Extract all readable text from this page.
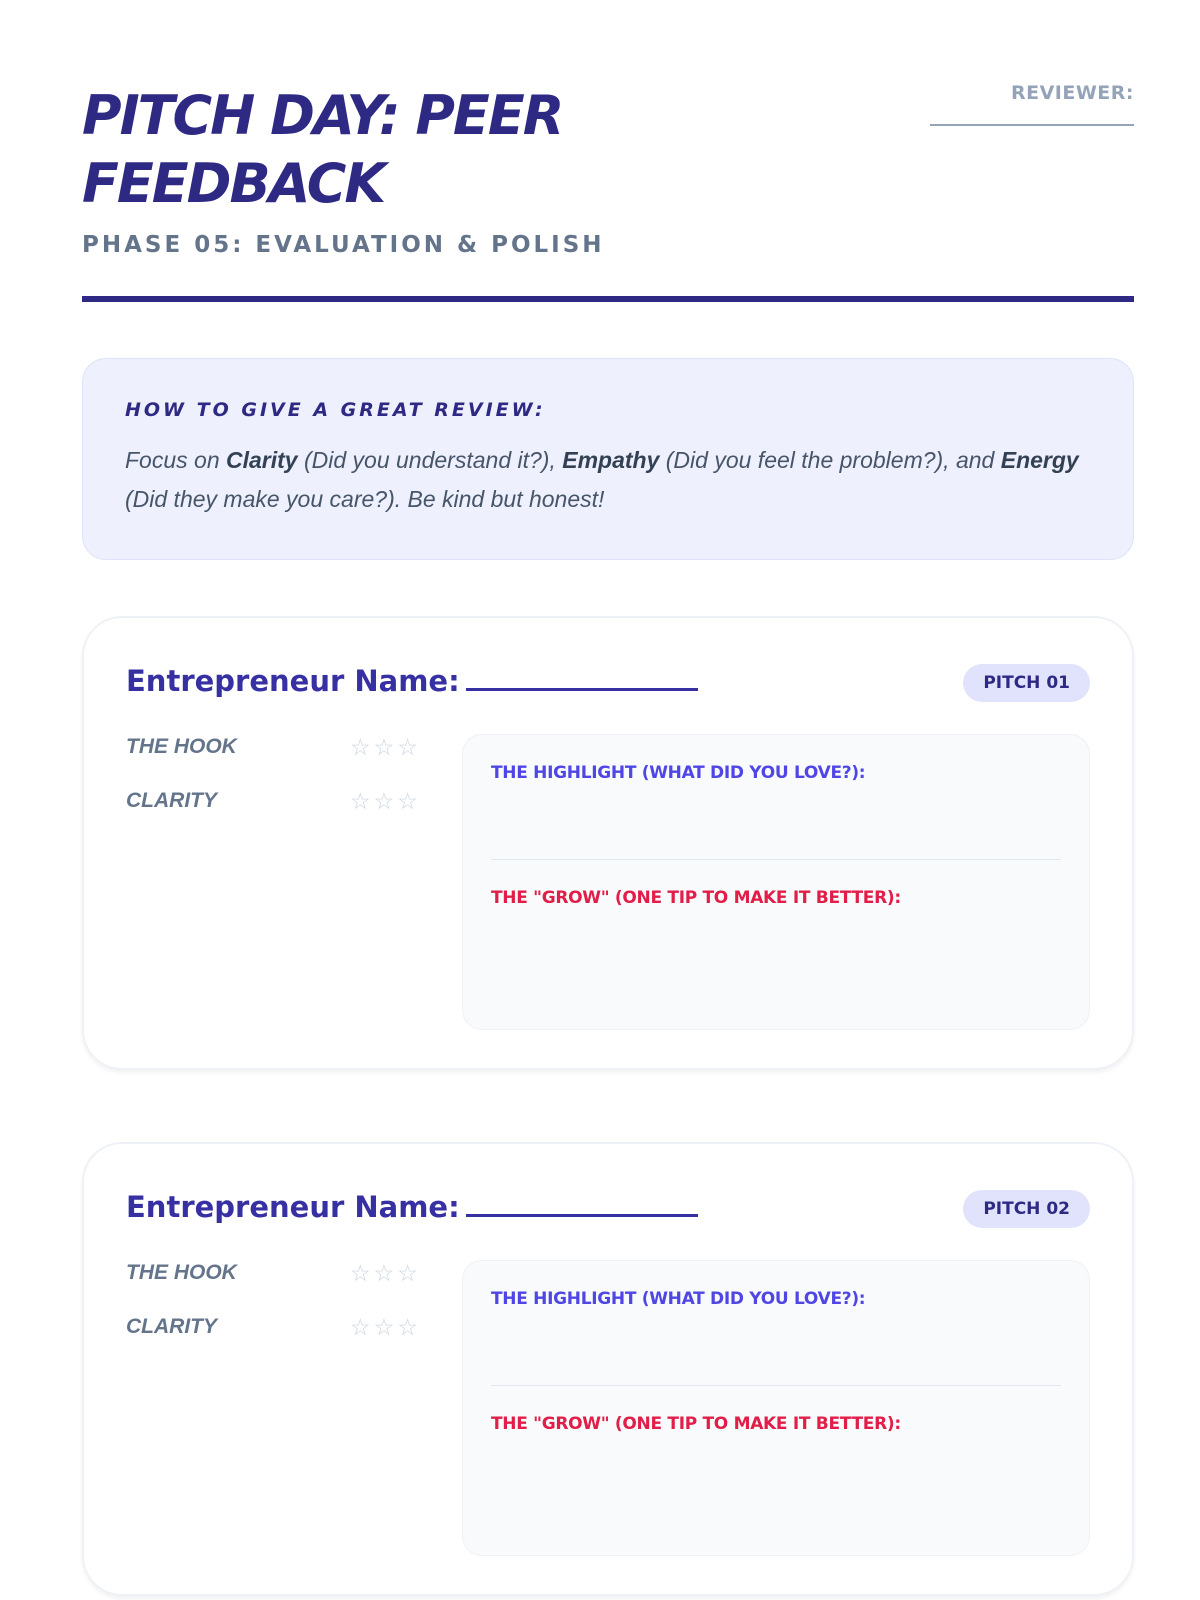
PITCH DAY: PEER FEEDBACK
PHASE 05: EVALUATION & POLISH
REVIEWER:
HOW TO GIVE A GREAT REVIEW:

Focus on Clarity (Did you understand it?), Empathy (Did you feel the problem?), and Energy (Did they make you care?). Be kind but honest!

Entrepreneur Name:	PITCH 01
THE HOOK	☆☆☆
CLARITY	☆☆☆
THE HIGHLIGHT (WHAT DID YOU LOVE?):
THE "GROW" (ONE TIP TO MAKE IT BETTER):
Entrepreneur Name:	PITCH 02
THE HOOK	☆☆☆
CLARITY	☆☆☆
THE HIGHLIGHT (WHAT DID YOU LOVE?):
THE "GROW" (ONE TIP TO MAKE IT BETTER):
